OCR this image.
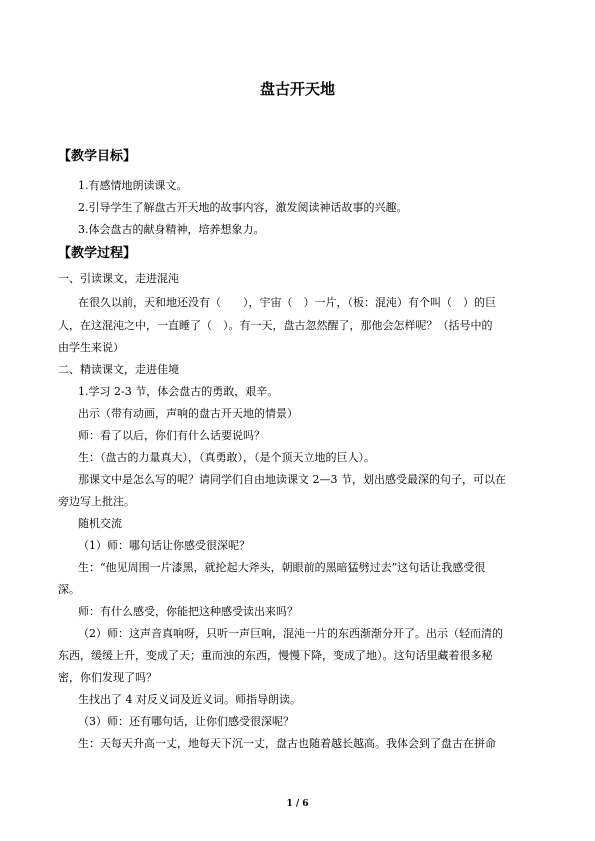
盘古开天地
【教学目标】
1.有感情地朗读课文。
2.引导学生了解盘古开天地的故事内容，激发阅读神话故事的兴趣。
3.体会盘古的献身精神，培养想象力。
【教学过程】
一、引读课文，走进混沌
在很久以前，天和地还没有（　　），宇宙（　）一片，（板：混沌）有个叫（　）的巨
人，在这混沌之中，一直睡了（　）。有一天，盘古忽然醒了，那他会怎样呢？（括号中的
由学生来说）
二、精读课文，走进佳境
1.学习 2-3 节，体会盘古的勇敢，艰辛。
出示（带有动画，声响的盘古开天地的情景）
师：看了以后，你们有什么话要说吗？
生：（盘古的力量真大），（真勇敢），（是个顶天立地的巨人）。
那课文中是怎么写的呢？请同学们自由地读课文 2—3 节，划出感受最深的句子，可以在
旁边写上批注。
随机交流
（1）师：哪句话让你感受很深呢？
生：“他见周围一片漆黑，就抡起大斧头，朝眼前的黑暗猛劈过去”这句话让我感受很
深。
师：有什么感受，你能把这种感受读出来吗？
（2）师：这声音真响呀，只听一声巨响，混沌一片的东西渐渐分开了。出示（轻而清的
东西，缓缓上升，变成了天；重而浊的东西，慢慢下降，变成了地）。这句话里藏着很多秘
密，你们发现了吗？
生找出了 4 对反义词及近义词。师指导朗读。
（3）师：还有哪句话，让你们感受很深呢？
生：天每天升高一丈，地每天下沉一丈，盘古也随着越长越高。我体会到了盘古在拼命
1 / 6
